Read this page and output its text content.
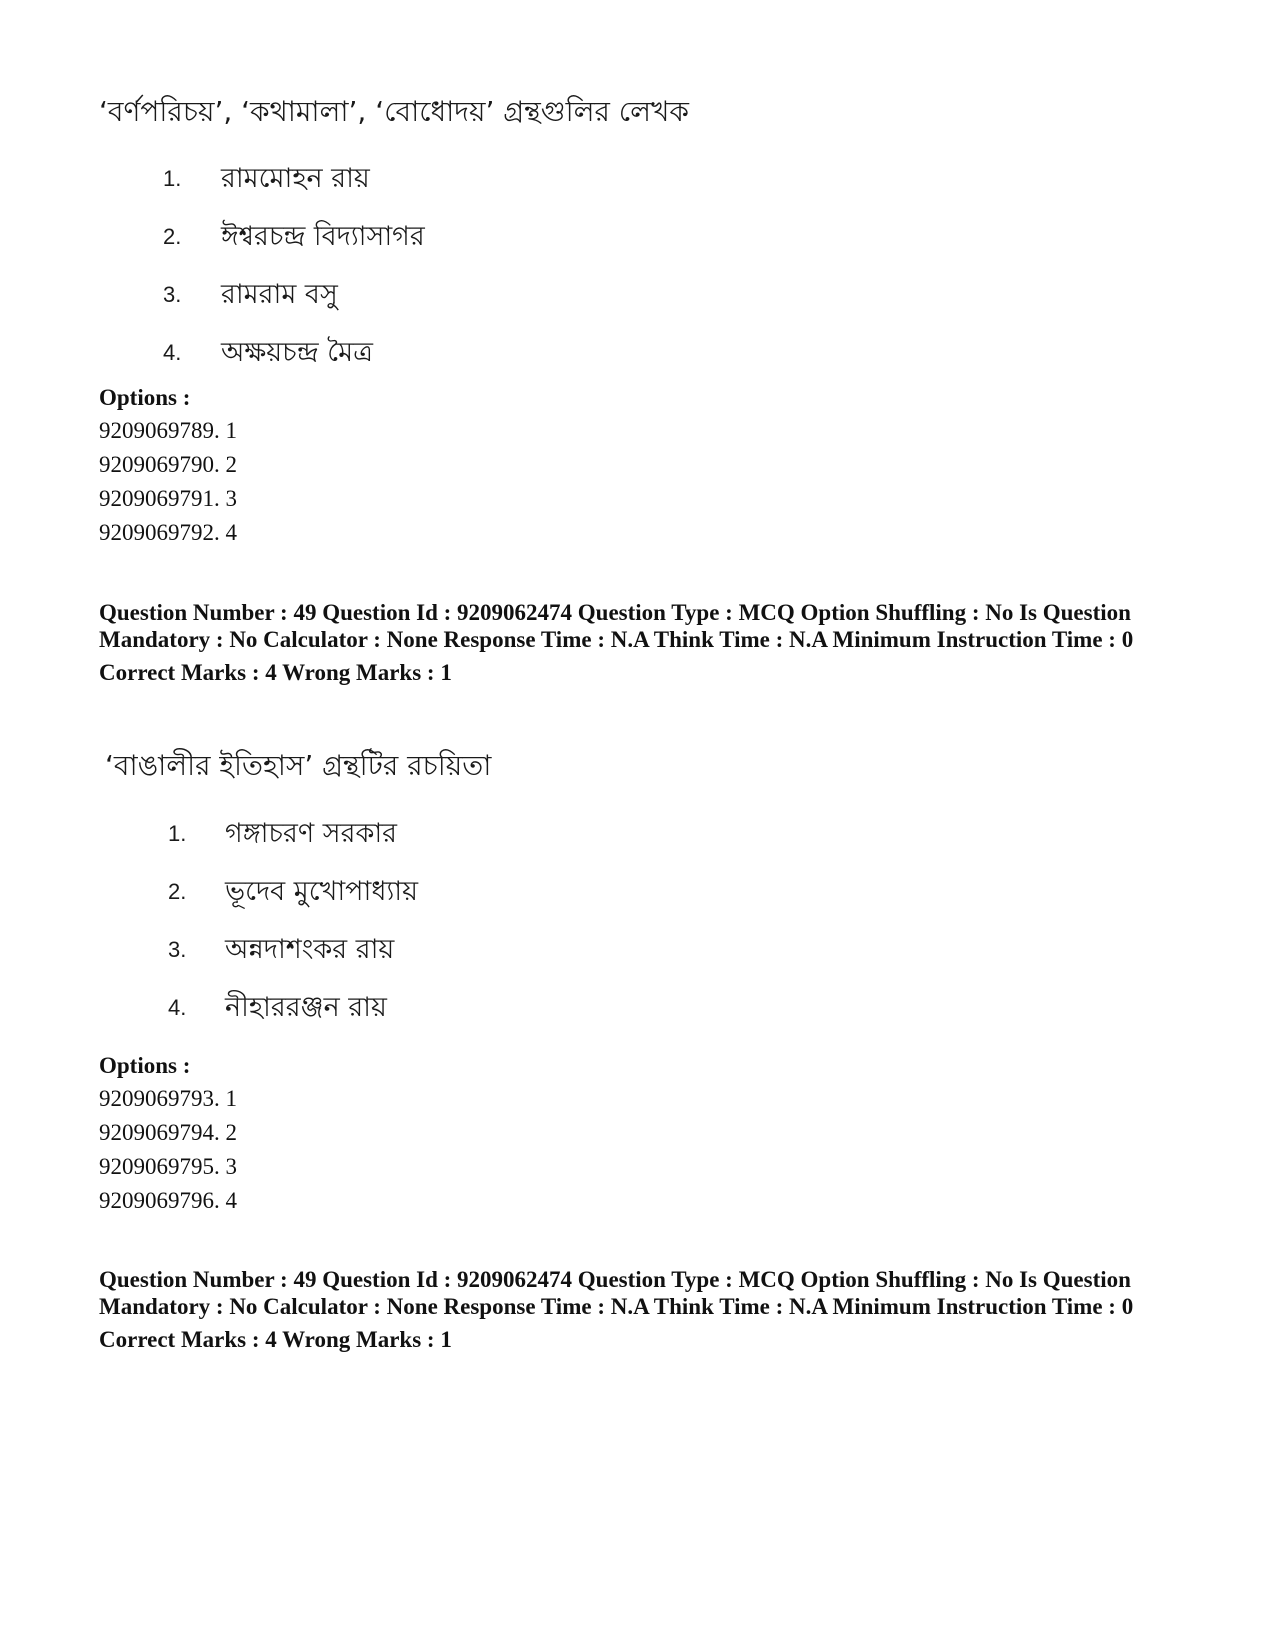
‘বর্ণপরিচয়’, ‘কথামালা’, ‘বোধোদয়’ গ্রন্থগুলির লেখক

1. রামমোহন রায়
2. ঈশ্বরচন্দ্র বিদ্যাসাগর
3. রামরাম বসু
4. অক্ষয়চন্দ্র মৈত্র

Options :

9209069789. 1

9209069790. 2

9209069791. 3

9209069792. 4

Question Number : 49 Question Id : 9209062474 Question Type : MCQ Option Shuffling : No Is Question Mandatory : No Calculator : None Response Time : N.A Think Time : N.A Minimum Instruction Time : 0

Correct Marks : 4 Wrong Marks : 1

‘বাঙালীর ইতিহাস’ গ্রন্থটির রচয়িতা

1. গঙ্গাচরণ সরকার
2. ভূদেব মুখোপাধ্যায়
3. অন্নদাশংকর রায়
4. নীহাররঞ্জন রায়

Options :

9209069793. 1

9209069794. 2

9209069795. 3

9209069796. 4

Question Number : 49 Question Id : 9209062474 Question Type : MCQ Option Shuffling : No Is Question Mandatory : No Calculator : None Response Time : N.A Think Time : N.A Minimum Instruction Time : 0

Correct Marks : 4 Wrong Marks : 1
